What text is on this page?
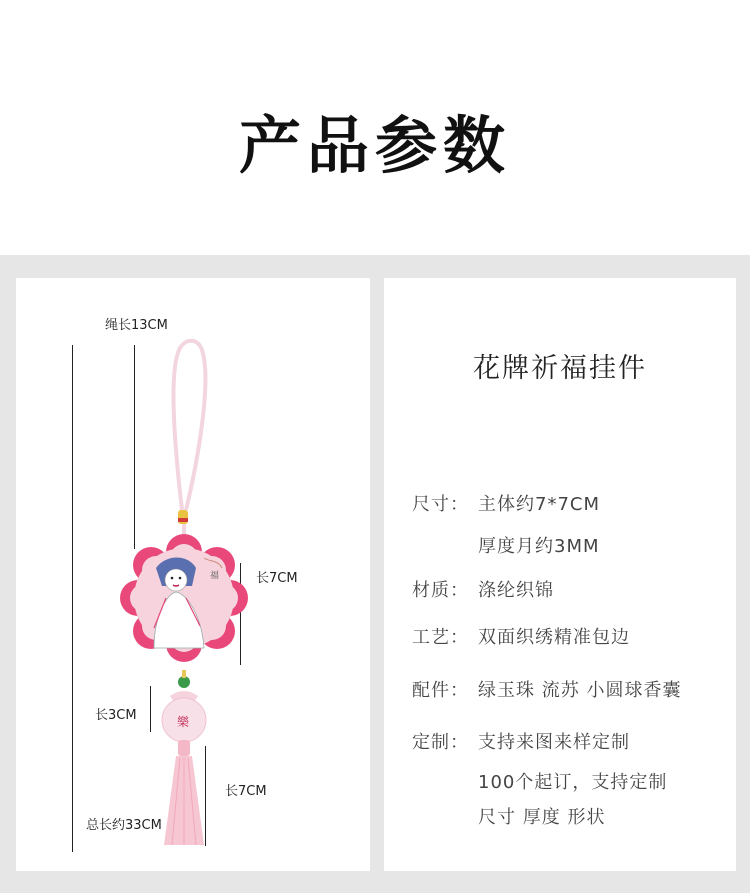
产品参数
绳长13CM
总长约33CM
长7CM
长3CM
长7CM
福
樂
花牌祈福挂件
尺寸： 主体约7*7CM
厚度月约3MM
材质： 涤纶织锦
工艺： 双面织绣精准包边
配件： 绿玉珠 流苏 小圆球香囊
定制： 支持来图来样定制
100个起订，支持定制
尺寸 厚度 形状
